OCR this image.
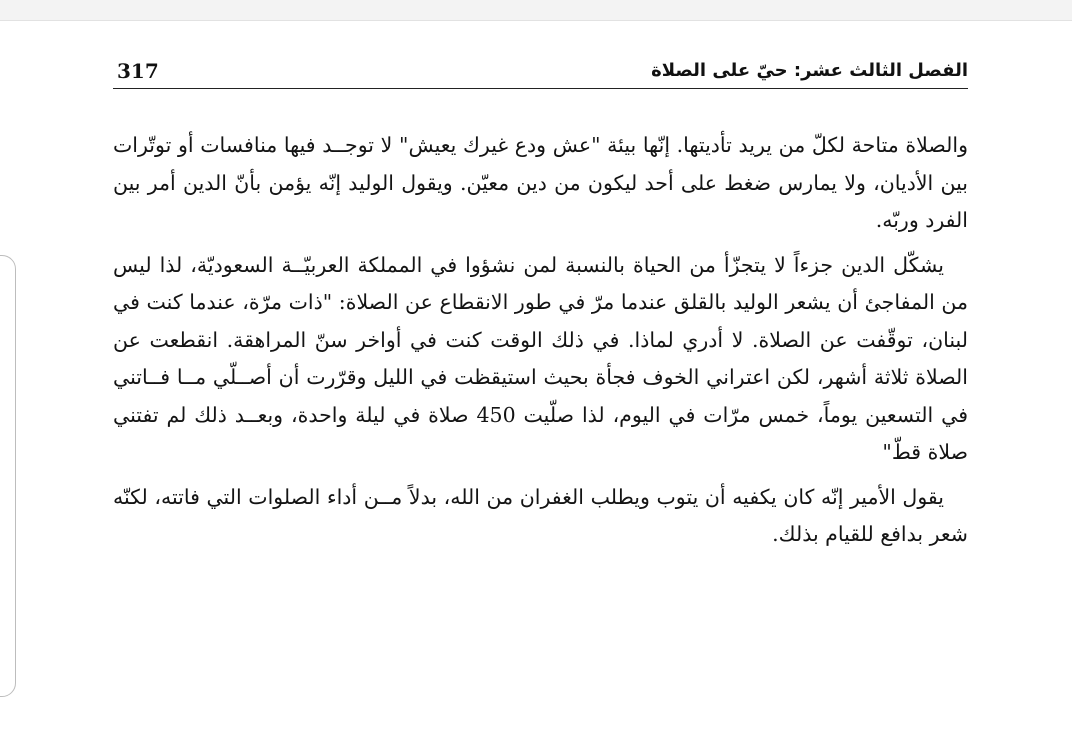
الفصل الثالث عشر: حيّ على الصلاة
317

والصلاة متاحة لكلّ من يريد تأديتها. إنّها بيئة "عش ودع غيرك يعيش" لا توجــد فيها منافسات أو توتّرات بين الأديان، ولا يمارس ضغط على أحد ليكون من دين معيّن. ويقول الوليد إنّه يؤمن بأنّ الدين أمر بين الفرد وربّه.

يشكّل الدين جزءاً لا يتجزّأ من الحياة بالنسبة لمن نشؤوا في المملكة العربيّــة السعوديّة، لذا ليس من المفاجئ أن يشعر الوليد بالقلق عندما مرّ في طور الانقطاع عن الصلاة: "ذات مرّة، عندما كنت في لبنان، توقّفت عن الصلاة. لا أدري لماذا. في ذلك الوقت كنت في أواخر سنّ المراهقة. انقطعت عن الصلاة ثلاثة أشهر، لكن اعتراني الخوف فجأة بحيث استيقظت في الليل وقرّرت أن أصــلّي مــا فــاتني في التسعين يوماً، خمس مرّات في اليوم، لذا صلّيت 450 صلاة في ليلة واحدة، وبعــد ذلك لم تفتني صلاة قطّ"

يقول الأمير إنّه كان يكفيه أن يتوب ويطلب الغفران من الله، بدلاً مــن أداء الصلوات التي فاتته، لكنّه شعر بدافع للقيام بذلك.
